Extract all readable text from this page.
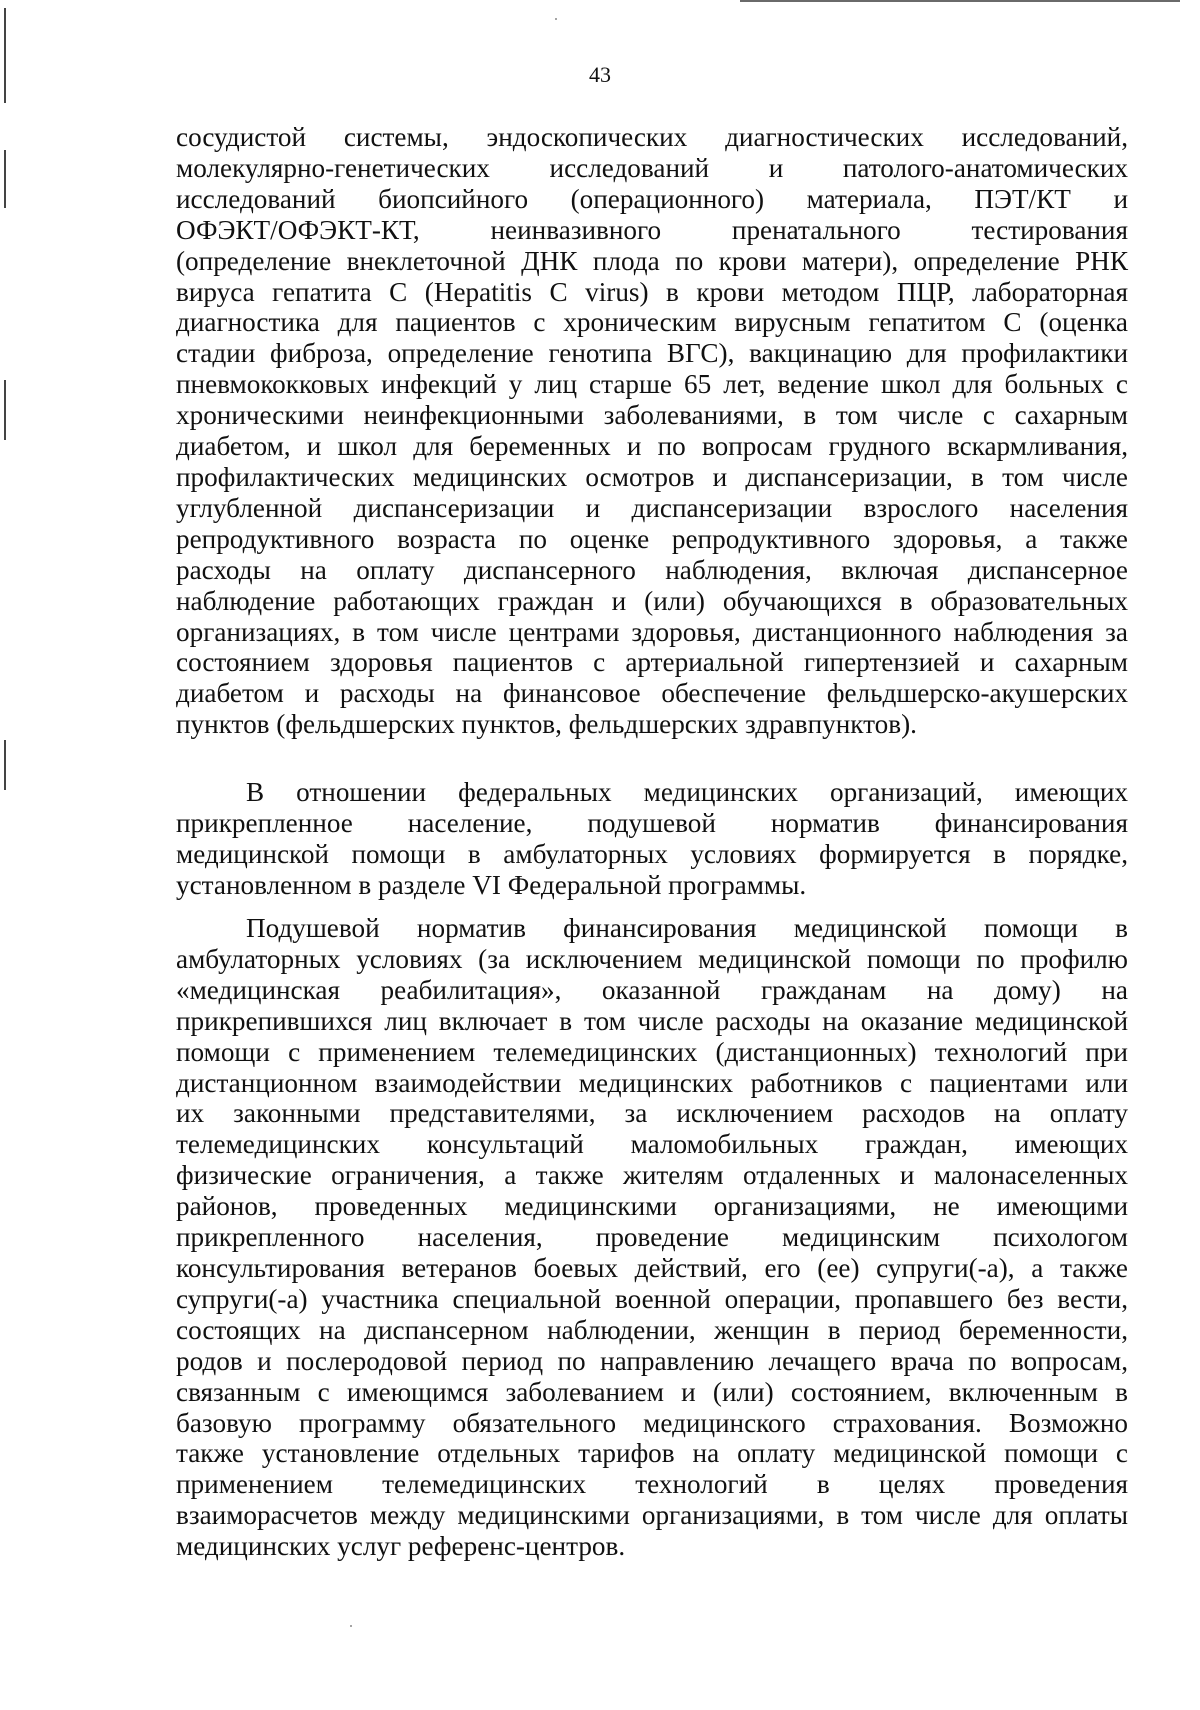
43
сосудистой системы, эндоскопических диагностических исследований,
молекулярно-генетических исследований и патолого-анатомических
исследований биопсийного (операционного) материала, ПЭТ/КТ и
ОФЭКТ/ОФЭКТ-КТ, неинвазивного пренатального тестирования
(определение внеклеточной ДНК плода по крови матери), определение РНК
вируса гепатита С (Hepatitis C virus) в крови методом ПЦР, лабораторная
диагностика для пациентов с хроническим вирусным гепатитом С (оценка
стадии фиброза, определение генотипа ВГС), вакцинацию для профилактики
пневмококковых инфекций у лиц старше 65 лет, ведение школ для больных с
хроническими неинфекционными заболеваниями, в том числе с сахарным
диабетом, и школ для беременных и по вопросам грудного вскармливания,
профилактических медицинских осмотров и диспансеризации, в том числе
углубленной диспансеризации и диспансеризации взрослого населения
репродуктивного возраста по оценке репродуктивного здоровья, а также
расходы на оплату диспансерного наблюдения, включая диспансерное
наблюдение работающих граждан и (или) обучающихся в образовательных
организациях, в том числе центрами здоровья, дистанционного наблюдения за
состоянием здоровья пациентов с артериальной гипертензией и сахарным
диабетом и расходы на финансовое обеспечение фельдшерско-акушерских
пунктов (фельдшерских пунктов, фельдшерских здравпунктов).
В отношении федеральных медицинских организаций, имеющих
прикрепленное население, подушевой норматив финансирования
медицинской помощи в амбулаторных условиях формируется в порядке,
установленном в разделе VI Федеральной программы.
Подушевой норматив финансирования медицинской помощи в
амбулаторных условиях (за исключением медицинской помощи по профилю
«медицинская реабилитация», оказанной гражданам на дому) на
прикрепившихся лиц включает в том числе расходы на оказание медицинской
помощи с применением телемедицинских (дистанционных) технологий при
дистанционном взаимодействии медицинских работников с пациентами или
их законными представителями, за исключением расходов на оплату
телемедицинских консультаций маломобильных граждан, имеющих
физические ограничения, а также жителям отдаленных и малонаселенных
районов, проведенных медицинскими организациями, не имеющими
прикрепленного населения, проведение медицинским психологом
консультирования ветеранов боевых действий, его (ее) супруги(-а), а также
супруги(-а) участника специальной военной операции, пропавшего без вести,
состоящих на диспансерном наблюдении, женщин в период беременности,
родов и послеродовой период по направлению лечащего врача по вопросам,
связанным с имеющимся заболеванием и (или) состоянием, включенным в
базовую программу обязательного медицинского страхования. Возможно
также установление отдельных тарифов на оплату медицинской помощи с
применением телемедицинских технологий в целях проведения
взаиморасчетов между медицинскими организациями, в том числе для оплаты
медицинских услуг референс-центров.
